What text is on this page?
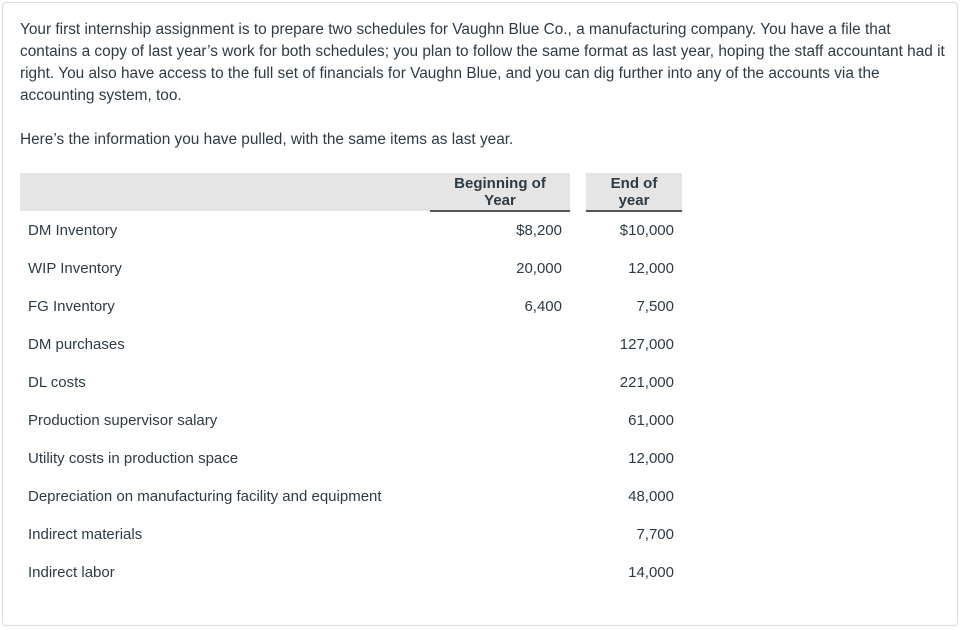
Your first internship assignment is to prepare two schedules for Vaughn Blue Co., a manufacturing company. You have a file that contains a copy of last year’s work for both schedules; you plan to follow the same format as last year, hoping the staff accountant had it right. You also have access to the full set of financials for Vaughn Blue, and you can dig further into any of the accounts via the accounting system, too.

Here’s the information you have pulled, with the same items as last year.

	Beginning of Year		End of year
DM Inventory	$8,200		$10,000
WIP Inventory	20,000		12,000
FG Inventory	6,400		7,500
DM purchases			127,000
DL costs			221,000
Production supervisor salary			61,000
Utility costs in production space			12,000
Depreciation on manufacturing facility and equipment			48,000
Indirect materials			7,700
Indirect labor			14,000
